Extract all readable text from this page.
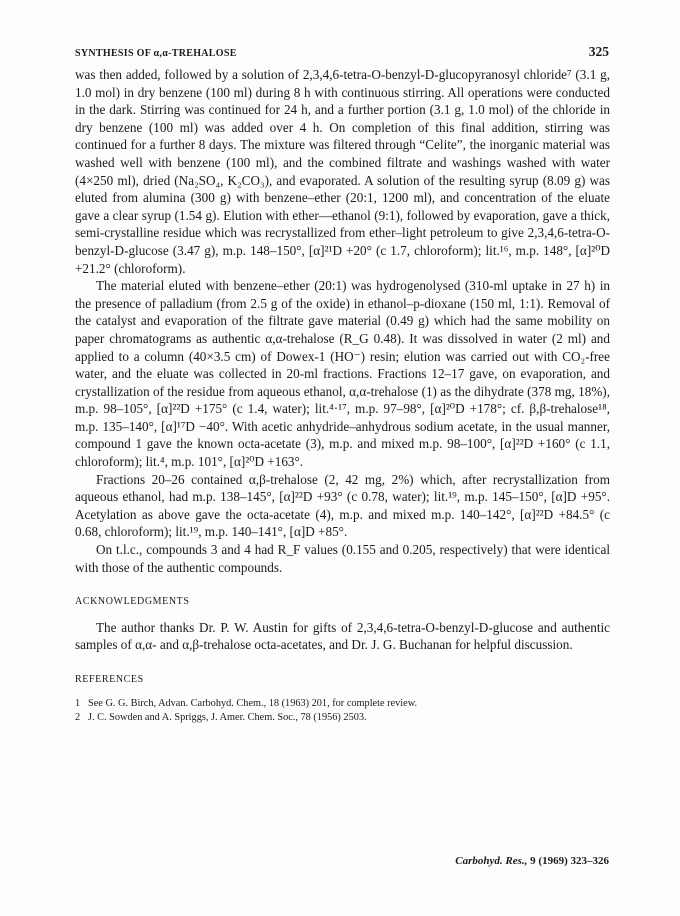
SYNTHESIS OF α,α-TREHALOSE	325

was then added, followed by a solution of 2,3,4,6-tetra-O-benzyl-D-glucopyranosyl chloride⁷ (3.1 g, 1.0 mol) in dry benzene (100 ml) during 8 h with continuous stirring. All operations were conducted in the dark. Stirring was continued for 24 h, and a further portion (3.1 g, 1.0 mol) of the chloride in dry benzene (100 ml) was added over 4 h. On completion of this final addition, stirring was continued for a further 8 days. The mixture was filtered through “Celite”, the inorganic material was washed well with benzene (100 ml), and the combined filtrate and washings washed with water (4×250 ml), dried (Na₂SO₄, K₂CO₃), and evaporated. A solution of the resulting syrup (8.09 g) was eluted from alumina (300 g) with benzene–ether (20:1, 1200 ml), and concentration of the eluate gave a clear syrup (1.54 g). Elution with ether—ethanol (9:1), followed by evaporation, gave a thick, semi-crystalline residue which was recrystallized from ether–light petroleum to give 2,3,4,6-tetra-O-benzyl-D-glucose (3.47 g), m.p. 148–150°, [α]²¹D +20° (c 1.7, chloroform); lit.¹⁶, m.p. 148°, [α]²⁰D +21.2° (chloroform).

The material eluted with benzene–ether (20:1) was hydrogenolysed (310-ml uptake in 27 h) in the presence of palladium (from 2.5 g of the oxide) in ethanol–p-dioxane (150 ml, 1:1). Removal of the catalyst and evaporation of the filtrate gave material (0.49 g) which had the same mobility on paper chromatograms as authentic α,α-trehalose (R_G 0.48). It was dissolved in water (2 ml) and applied to a column (40×3.5 cm) of Dowex-1 (HO⁻) resin; elution was carried out with CO₂-free water, and the eluate was collected in 20-ml fractions. Fractions 12–17 gave, on evaporation, and crystallization of the residue from aqueous ethanol, α,α-trehalose (1) as the dihydrate (378 mg, 18%), m.p. 98–105°, [α]²²D +175° (c 1.4, water); lit.⁴·¹⁷, m.p. 97–98°, [α]²⁰D +178°; cf. β,β-trehalose¹⁸, m.p. 135–140°, [α]¹⁷D −40°. With acetic anhydride–anhydrous sodium acetate, in the usual manner, compound 1 gave the known octa-acetate (3), m.p. and mixed m.p. 98–100°, [α]²²D +160° (c 1.1, chloroform); lit.⁴, m.p. 101°, [α]²⁰D +163°.

Fractions 20–26 contained α,β-trehalose (2, 42 mg, 2%) which, after recrystallization from aqueous ethanol, had m.p. 138–145°, [α]²²D +93° (c 0.78, water); lit.¹⁹, m.p. 145–150°, [α]D +95°. Acetylation as above gave the octa-acetate (4), m.p. and mixed m.p. 140–142°, [α]²²D +84.5° (c 0.68, chloroform); lit.¹⁹, m.p. 140–141°, [α]D +85°.

On t.l.c., compounds 3 and 4 had R_F values (0.155 and 0.205, respectively) that were identical with those of the authentic compounds.

ACKNOWLEDGMENTS

The author thanks Dr. P. W. Austin for gifts of 2,3,4,6-tetra-O-benzyl-D-glucose and authentic samples of α,α- and α,β-trehalose octa-acetates, and Dr. J. G. Buchanan for helpful discussion.

REFERENCES
1 See G. G. Birch, Advan. Carbohyd. Chem., 18 (1963) 201, for complete review.
2 J. C. Sowden and A. Spriggs, J. Amer. Chem. Soc., 78 (1956) 2503.
Carbohyd. Res., 9 (1969) 323–326
